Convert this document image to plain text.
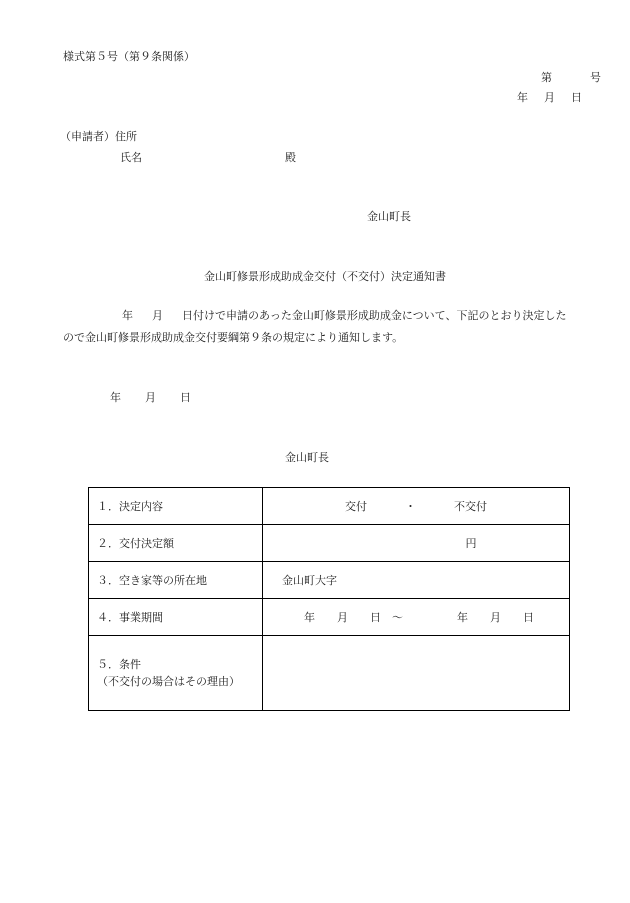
様式第５号（第９条関係）
第	号
年 月 日
（申請者）住所
氏名	殿
金山町長
金山町修景形成助成金交付（不交付）決定通知書
年 月 日付けで申請のあった金山町修景形成助成金について、下記のとおり決定した
ので金山町修景形成助成金交付要綱第９条の規定により通知します。
年 月 日
金山町長
１．決定内容	交付 ・ 不交付
２．交付決定額	円
３．空き家等の所在地	金山町大字
４．事業期間	年 月 日 ～ 年 月 日

５．条件
（不交付の場合はその理由）	
